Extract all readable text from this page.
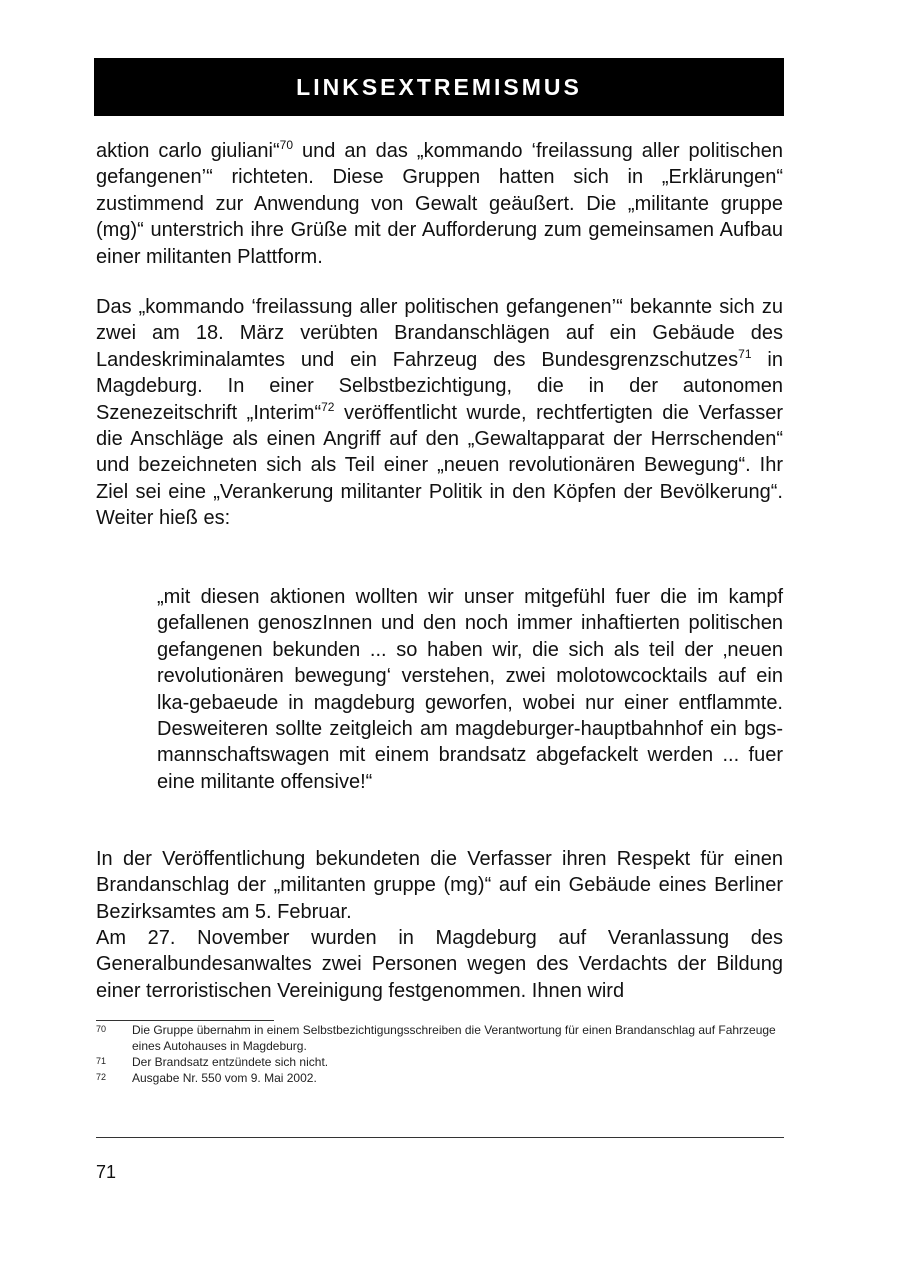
LINKSEXTREMISMUS

aktion carlo giuliani“$^{70}$ und an das „kommando ‘freilassung aller politischen gefangenen’“ richteten. Diese Gruppen hatten sich in „Erklärungen“ zustimmend zur Anwendung von Gewalt geäußert. Die „militante gruppe (mg)“ unterstrich ihre Grüße mit der Aufforderung zum gemeinsamen Aufbau einer militanten Plattform.

Das „kommando ‘freilassung aller politischen gefangenen’“ bekannte sich zu zwei am 18. März verübten Brandanschlägen auf ein Gebäude des Landeskriminalamtes und ein Fahrzeug des Bundesgrenzschutzes$^{71}$ in Magdeburg. In einer Selbstbezichtigung, die in der autonomen Szenezeitschrift „Interim“$^{72}$ veröffentlicht wurde, rechtfertigten die Verfasser die Anschläge als einen Angriff auf den „Gewaltapparat der Herrschenden“ und bezeichneten sich als Teil einer „neuen revolutionären Bewegung“. Ihr Ziel sei eine „Verankerung militanter Politik in den Köpfen der Bevölkerung“. Weiter hieß es:

„mit diesen aktionen wollten wir unser mitgefühl fuer die im kampf gefallenen genoszInnen und den noch immer inhaftierten politischen gefangenen bekunden ... so haben wir, die sich als teil der ‚neuen revolutionären bewegung‘ verstehen, zwei molotowcocktails auf ein lka-gebaeude in magdeburg geworfen, wobei nur einer entflammte. Desweiteren sollte zeitgleich am magdeburger-hauptbahnhof ein bgs-mannschaftswagen mit einem brandsatz abgefackelt werden ... fuer eine militante offensive!“

In der Veröffentlichung bekundeten die Verfasser ihren Respekt für einen Brandanschlag der „militanten gruppe (mg)“ auf ein Gebäude eines Berliner Bezirksamtes am 5. Februar.

Am 27. November wurden in Magdeburg auf Veranlassung des Generalbundesanwaltes zwei Personen wegen des Verdachts der Bildung einer terroristischen Vereinigung festgenommen. Ihnen wird

70	Die Gruppe übernahm in einem Selbstbezichtigungsschreiben die Verantwortung für einen Brandanschlag auf Fahrzeuge eines Autohauses in Magdeburg.
71	Der Brandsatz entzündete sich nicht.
72	Ausgabe Nr. 550 vom 9. Mai 2002.
71
